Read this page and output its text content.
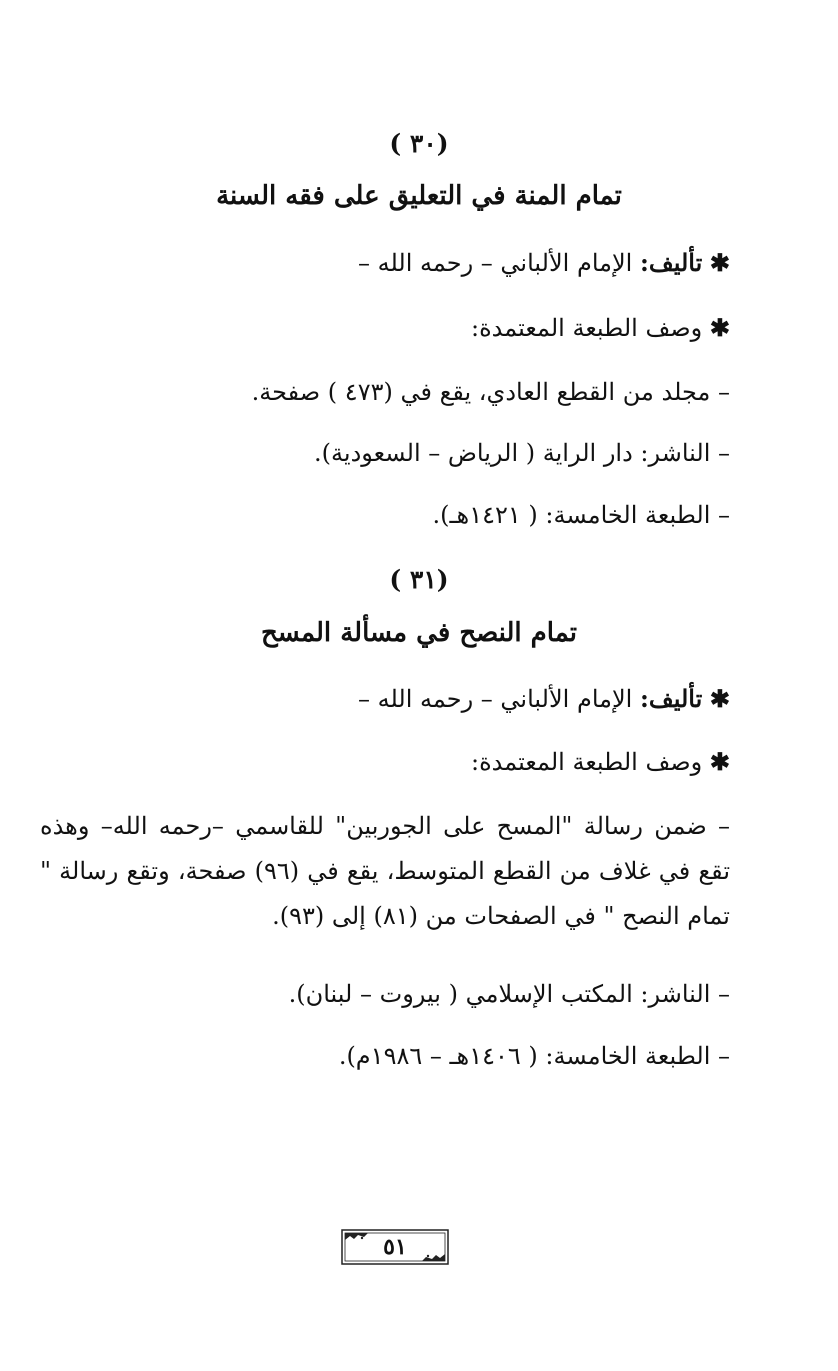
(٣٠ )
تمام المنة في التعليق على فقه السنة
✱ تأليف: الإمام الألباني – رحمه الله –
✱ وصف الطبعة المعتمدة:
– مجلد من القطع العادي، يقع في (٤٧٣ ) صفحة.
– الناشر: دار الراية ( الرياض – السعودية).
– الطبعة الخامسة: ( ١٤٢١هـ).
(٣١ )
تمام النصح في مسألة المسح
✱ تأليف: الإمام الألباني – رحمه الله –
✱ وصف الطبعة المعتمدة:
– ضمن رسالة "المسح على الجوربين" للقاسمي –رحمه الله– وهذه تقع في غلاف من القطع المتوسط، يقع في (٩٦) صفحة، وتقع رسالة " تمام النصح " في الصفحات من (٨١) إلى (٩٣).
– الناشر: المكتب الإسلامي ( بيروت – لبنان).
– الطبعة الخامسة: ( ١٤٠٦هـ – ١٩٨٦م).
٥١
